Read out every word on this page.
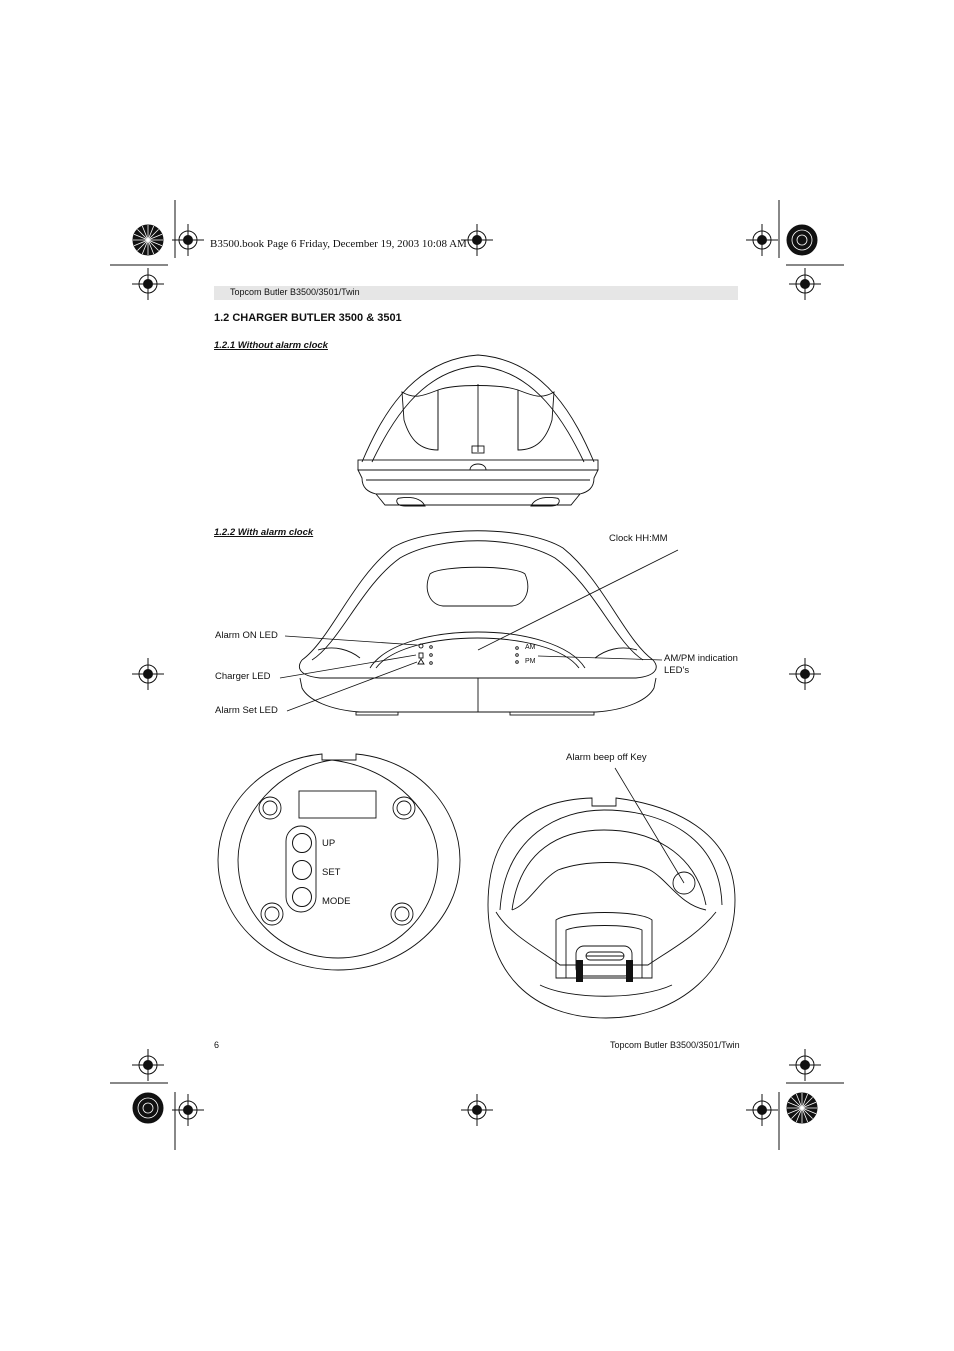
B3500.book Page 6 Friday, December 19, 2003 10:08 AM
Topcom Butler B3500/3501/Twin
1.2 CHARGER BUTLER 3500 & 3501
1.2.1 Without alarm clock
1.2.2 With alarm clock
Clock HH:MM
Alarm ON LED
Charger LED
Alarm Set LED
AM/PM indication
LED’s
Alarm beep off Key
AM
PM
UP
SET
MODE
6	Topcom Butler B3500/3501/Twin
